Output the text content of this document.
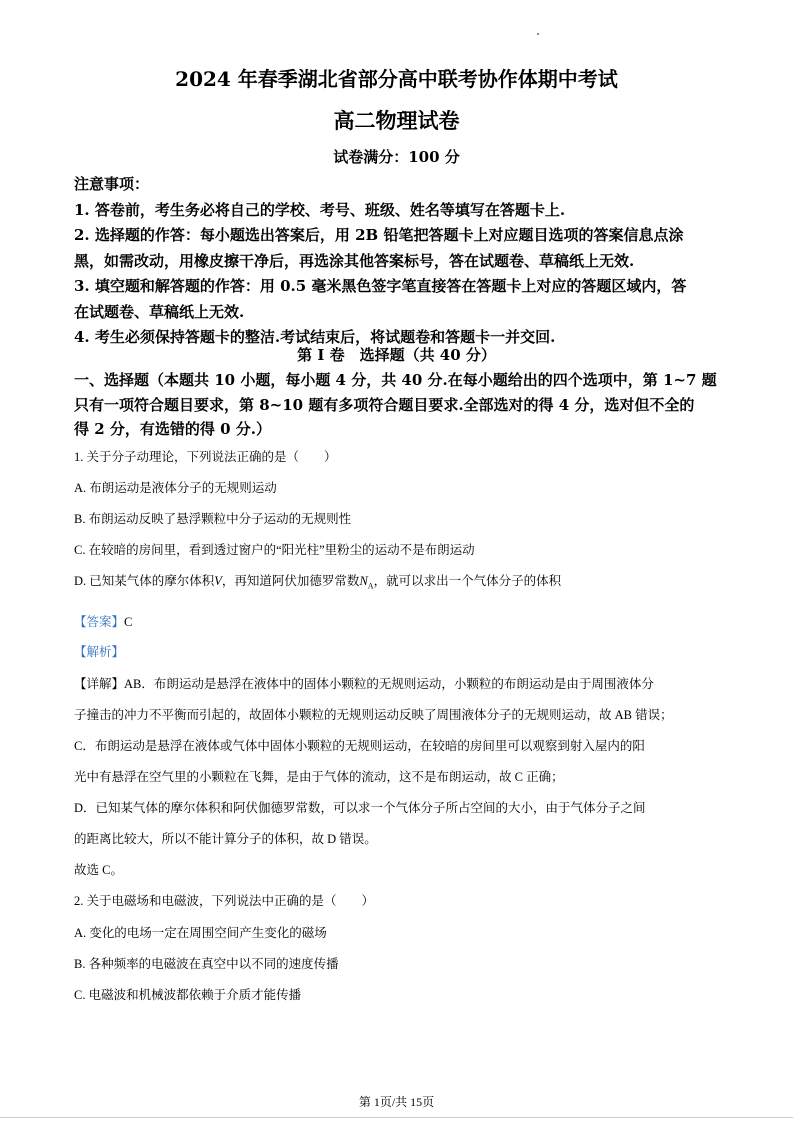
2024 年春季湖北省部分高中联考协作体期中考试
高二物理试卷
试卷满分：100 分

注意事项：

1. 答卷前，考生务必将自己的学校、考号、班级、姓名等填写在答题卡上.

2. 选择题的作答：每小题选出答案后，用 2B 铅笔把答题卡上对应题目选项的答案信息点涂

黑，如需改动，用橡皮擦干净后，再选涂其他答案标号，答在试题卷、草稿纸上无效.

3. 填空题和解答题的作答：用 0.5 毫米黑色签字笔直接答在答题卡上对应的答题区域内，答

在试题卷、草稿纸上无效.

4. 考生必须保持答题卡的整洁.考试结束后，将试题卷和答题卡一并交回.

第 Ⅰ 卷　选择题（共 40 分）

一、选择题（本题共 10 小题，每小题 4 分，共 40 分.在每小题给出的四个选项中，第 1~7 题

只有一项符合题目要求，第 8~10 题有多项符合题目要求.全部选对的得 4 分，选对但不全的

得 2 分，有选错的得 0 分.）

1. 关于分子动理论，下列说法正确的是（　　）
A. 布朗运动是液体分子的无规则运动
B. 布朗运动反映了悬浮颗粒中分子运动的无规则性
C. 在较暗的房间里，看到透过窗户的“阳光柱”里粉尘的运动不是布朗运动
D. 已知某气体的摩尔体积V，再知道阿伏加德罗常数$N_A$，就可以求出一个气体分子的体积
【答案】C
【解析】
【详解】AB．布朗运动是悬浮在液体中的固体小颗粒的无规则运动，小颗粒的布朗运动是由于周围液体分
子撞击的冲力不平衡而引起的，故固体小颗粒的无规则运动反映了周围液体分子的无规则运动，故 AB 错误；
C．布朗运动是悬浮在液体或气体中固体小颗粒的无规则运动，在较暗的房间里可以观察到射入屋内的阳
光中有悬浮在空气里的小颗粒在飞舞，是由于气体的流动，这不是布朗运动，故 C 正确；
D．已知某气体的摩尔体积和阿伏伽德罗常数，可以求一个气体分子所占空间的大小，由于气体分子之间
的距离比较大，所以不能计算分子的体积，故 D 错误。
故选 C。
2. 关于电磁场和电磁波，下列说法中正确的是（　　）
A. 变化的电场一定在周围空间产生变化的磁场
B. 各种频率的电磁波在真空中以不同的速度传播
C. 电磁波和机械波都依赖于介质才能传播
第 1页/共 15页
